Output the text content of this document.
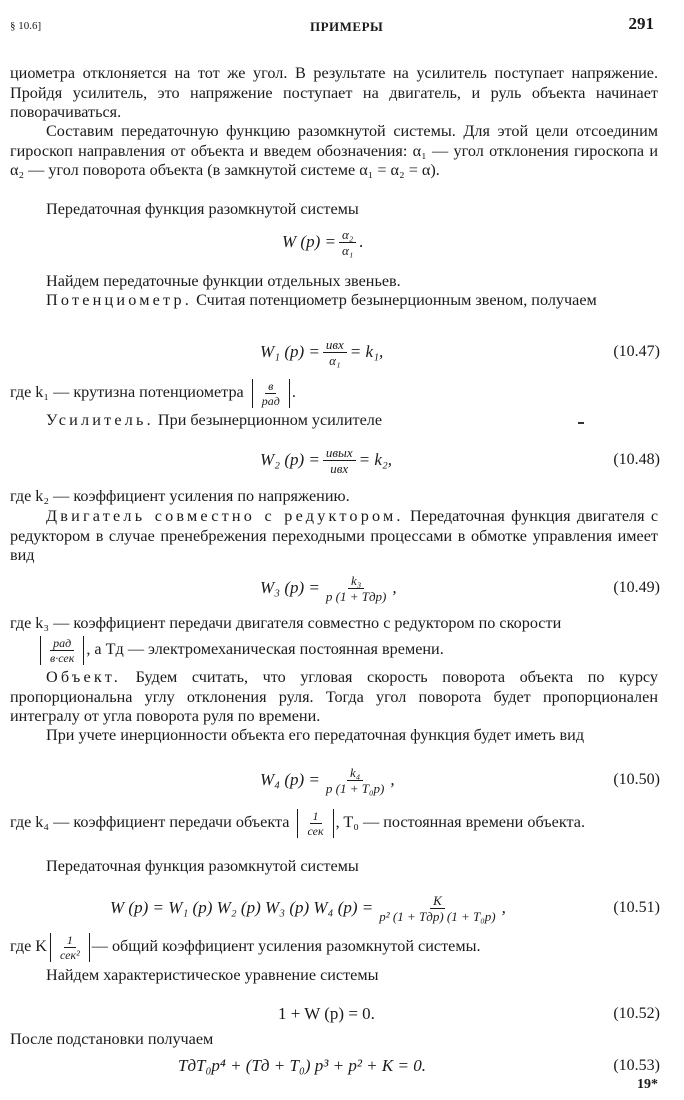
§ 10.6]	ПРИМЕРЫ	291

циометра отклоняется на тот же угол. В результате на усилитель поступает напряжение. Пройдя усилитель, это напряжение поступает на двигатель, и руль объекта начинает поворачиваться.

Составим передаточную функцию разомкнутой системы. Для этой цели отсоединим гироскоп направления от объекта и введем обозначения: α₁ — угол отклонения гироскопа и α₂ — угол поворота объекта (в замкнутой системе α₁ = α₂ = α).

Передаточная функция разомкнутой системы

W $(p) = \frac{\text{α₂}}{\text{α₁}}$ .

Найдем передаточные функции отдельных звеньев.

Потенциометр. Считая потенциометр безынерционным звеном, получаем

W₁ $(p) = \frac{\text{uвх}}{\text{α₁}} = k_1$,	(10.47)
где k₁ — крутизна потенциометра $\frac{в}{\text{рад}}$ .

Усилитель. При безынерционном усилителе

W₂ $(p) = \frac{\text{uвых}}{\text{uвх}} = k_2$,	(10.48)

где k₂ — коэффициент усиления по напряжению.

Двигатель совместно с редуктором. Передаточная функция двигателя с редуктором в случае пренебрежения переходными процессами в обмотке управления имеет вид

W₃ $(p) = \frac{\text{k₃}}{\text{p (1 + Tдp)}}$ ,	(10.49)

где k₃ — коэффициент передачи двигателя совместно с редуктором по скорости

$\frac{\text{рад}}{\text{в·сек}}$ , а Tд — электромеханическая постоянная времени.

Объект. Будем считать, что угловая скорость поворота объекта по курсу пропорциональна углу отклонения руля. Тогда угол поворота будет пропорционален интегралу от угла поворота руля по времени.

При учете инерционности объекта его передаточная функция будет иметь вид

W₄ $(p) = \frac{\text{k₄}}{\text{p (1 + T₀p)}}$ ,	(10.50)
где k₄ — коэффициент передачи объекта $\frac{1}{\text{сек}}$ , T₀ — постоянная времени объекта.

Передаточная функция разомкнутой системы

W (p) = W₁ (p) W₂ (p) W₃ (p) W₄ $(p) = \frac{K}{\text{p² (1 + Tдp) (1 + T₀p)}}$ ,	(10.51)
где K $\frac{1}{\text{сек²}}$ — общий коэффициент усиления разомкнутой системы.

Найдем характеристическое уравнение системы

1 + W (p) = 0.	(10.52)

После подстановки получаем

TдT₀p⁴ + (Tд + T₀) p³ + p² + K = 0.	(10.53)
19*
